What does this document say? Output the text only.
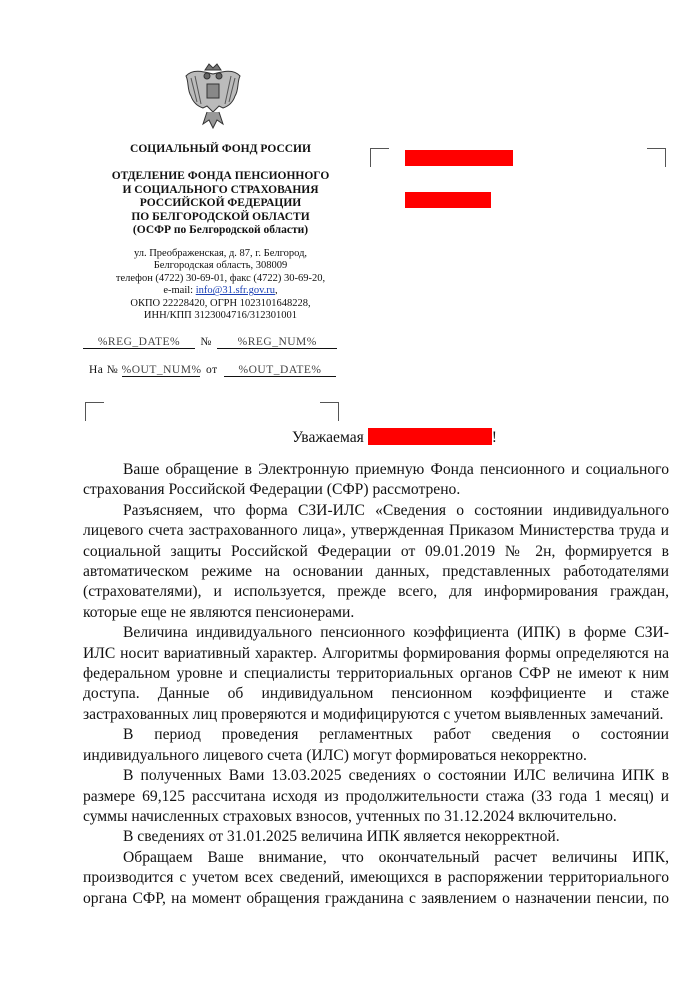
СОЦИАЛЬНЫЙ ФОНД РОССИИ
ОТДЕЛЕНИЕ ФОНДА ПЕНСИОННОГО
И СОЦИАЛЬНОГО СТРАХОВАНИЯ
РОССИЙСКОЙ ФЕДЕРАЦИИ
ПО БЕЛГОРОДСКОЙ ОБЛАСТИ
(ОСФР по Белгородской области)
ул. Преображенская, д. 87, г. Белгород,
Белгородская область, 308009
телефон (4722) 30-69-01, факс (4722) 30-69-20,
e-mail: info@31.sfr.gov.ru,
ОКПО 22228420, ОГРН 1023101648228,
ИНН/КПП 3123004716/312301001
%REG_DATE% № %REG_NUM%
На № %OUT_NUM% от %OUT_DATE%
Уважаемая	!

Ваше обращение в Электронную приемную Фонда пенсионного и социального страхования Российской Федерации (СФР) рассмотрено.

Разъясняем, что форма СЗИ-ИЛС «Сведения о состоянии индивидуального лицевого счета застрахованного лица», утвержденная Приказом Министерства труда и социальной защиты Российской Федерации от 09.01.2019 № 2н, формируется в автоматическом режиме на основании данных, представленных работодателями (страхователями), и используется, прежде всего, для информирования граждан, которые еще не являются пенсионерами.

Величина индивидуального пенсионного коэффициента (ИПК) в форме СЗИ-ИЛС носит вариативный характер. Алгоритмы формирования формы определяются на федеральном уровне и специалисты территориальных органов СФР не имеют к ним доступа. Данные об индивидуальном пенсионном коэффициенте и стаже застрахованных лиц проверяются и модифицируются с учетом выявленных замечаний.

В период проведения регламентных работ сведения о состоянии индивидуального лицевого счета (ИЛС) могут формироваться некорректно.

В полученных Вами 13.03.2025 сведениях о состоянии ИЛС величина ИПК в размере 69,125 рассчитана исходя из продолжительности стажа (33 года 1 месяц) и суммы начисленных страховых взносов, учтенных по 31.12.2024 включительно.

В сведениях от 31.01.2025 величина ИПК является некорректной.

Обращаем Ваше внимание, что окончательный расчет величины ИПК, производится с учетом всех сведений, имеющихся в распоряжении территориального органа СФР, на момент обращения гражданина с заявлением о назначении пенсии, по
